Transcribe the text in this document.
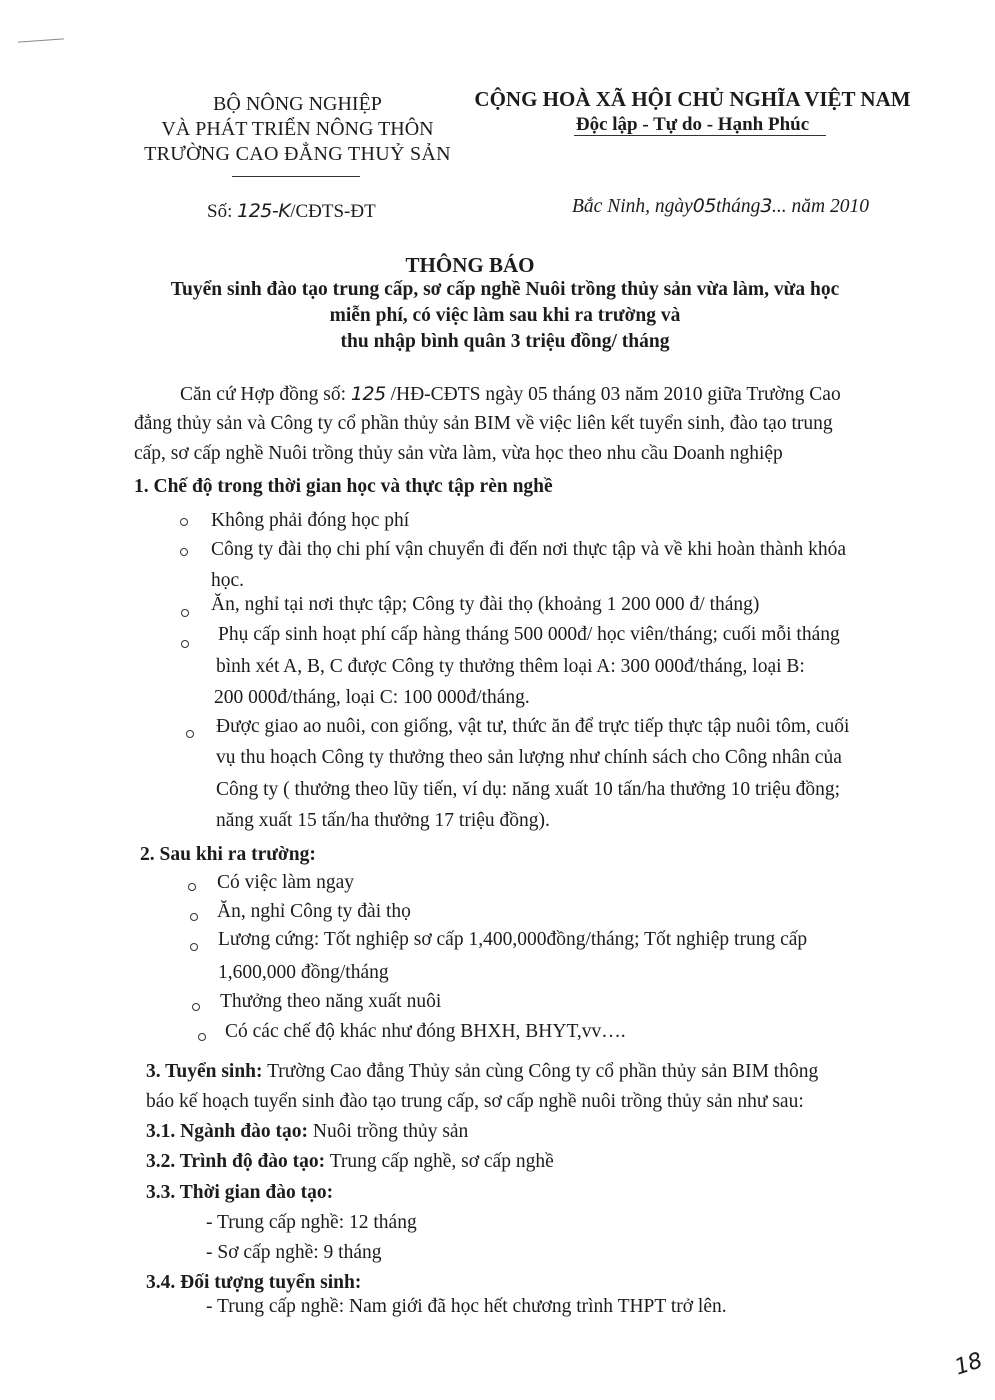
BỘ NÔNG NGHIỆP
VÀ PHÁT TRIỂN NÔNG THÔN
TRƯỜNG CAO ĐẲNG THUỶ SẢN
CỘNG HOÀ XÃ HỘI CHỦ NGHĨA VIỆT NAM
Độc lập - Tự do - Hạnh Phúc
Số: 125-K/CĐTS-ĐT	Bắc Ninh, ngày05tháng3... năm 2010
THÔNG BÁO
Tuyển sinh đào tạo trung cấp, sơ cấp nghề Nuôi trồng thủy sản vừa làm, vừa học
miễn phí, có việc làm sau khi ra trường và
thu nhập bình quân 3 triệu đồng/ tháng
Căn cứ Hợp đồng số: 125 /HĐ-CĐTS ngày 05 tháng 03 năm 2010 giữa Trường Cao
đẳng thủy sản và Công ty cổ phần thủy sản BIM về việc liên kết tuyển sinh, đào tạo trung
cấp, sơ cấp nghề Nuôi trồng thủy sản vừa làm, vừa học theo nhu cầu Doanh nghiệp
1. Chế độ trong thời gian học và thực tập rèn nghề
Không phải đóng học phí
Công ty đài thọ chi phí vận chuyển đi đến nơi thực tập và về khi hoàn thành khóa
học.
Ăn, nghỉ tại nơi thực tập; Công ty đài thọ (khoảng 1 200 000 đ/ tháng)
Phụ cấp sinh hoạt phí cấp hàng tháng 500 000đ/ học viên/tháng; cuối mỗi tháng
bình xét A, B, C được Công ty thưởng thêm loại A: 300 000đ/tháng, loại B:
200 000đ/tháng, loại C: 100 000đ/tháng.
Được giao ao nuôi, con giống, vật tư, thức ăn để trực tiếp thực tập nuôi tôm, cuối
vụ thu hoạch Công ty thưởng theo sản lượng như chính sách cho Công nhân của
Công ty ( thưởng theo lũy tiến, ví dụ: năng xuất 10 tấn/ha thưởng 10 triệu đồng;
năng xuất 15 tấn/ha thưởng 17 triệu đồng).
2. Sau khi ra trường:
Có việc làm ngay
Ăn, nghỉ Công ty đài thọ
Lương cứng: Tốt nghiệp sơ cấp 1,400,000đồng/tháng; Tốt nghiệp trung cấp
1,600,000 đồng/tháng
Thưởng theo năng xuất nuôi
Có các chế độ khác như đóng BHXH, BHYT,vv….
3. Tuyển sinh: Trường Cao đẳng Thủy sản cùng Công ty cổ phần thủy sản BIM thông
báo kế hoạch tuyển sinh đào tạo trung cấp, sơ cấp nghề nuôi trồng thủy sản như sau:
3.1. Ngành đào tạo: Nuôi trồng thủy sản
3.2. Trình độ đào tạo: Trung cấp nghề, sơ cấp nghề
3.3. Thời gian đào tạo:
- Trung cấp nghề: 12 tháng
- Sơ cấp nghề: 9 tháng
3.4. Đối tượng tuyển sinh:
- Trung cấp nghề: Nam giới đã học hết chương trình THPT trở lên.
18
